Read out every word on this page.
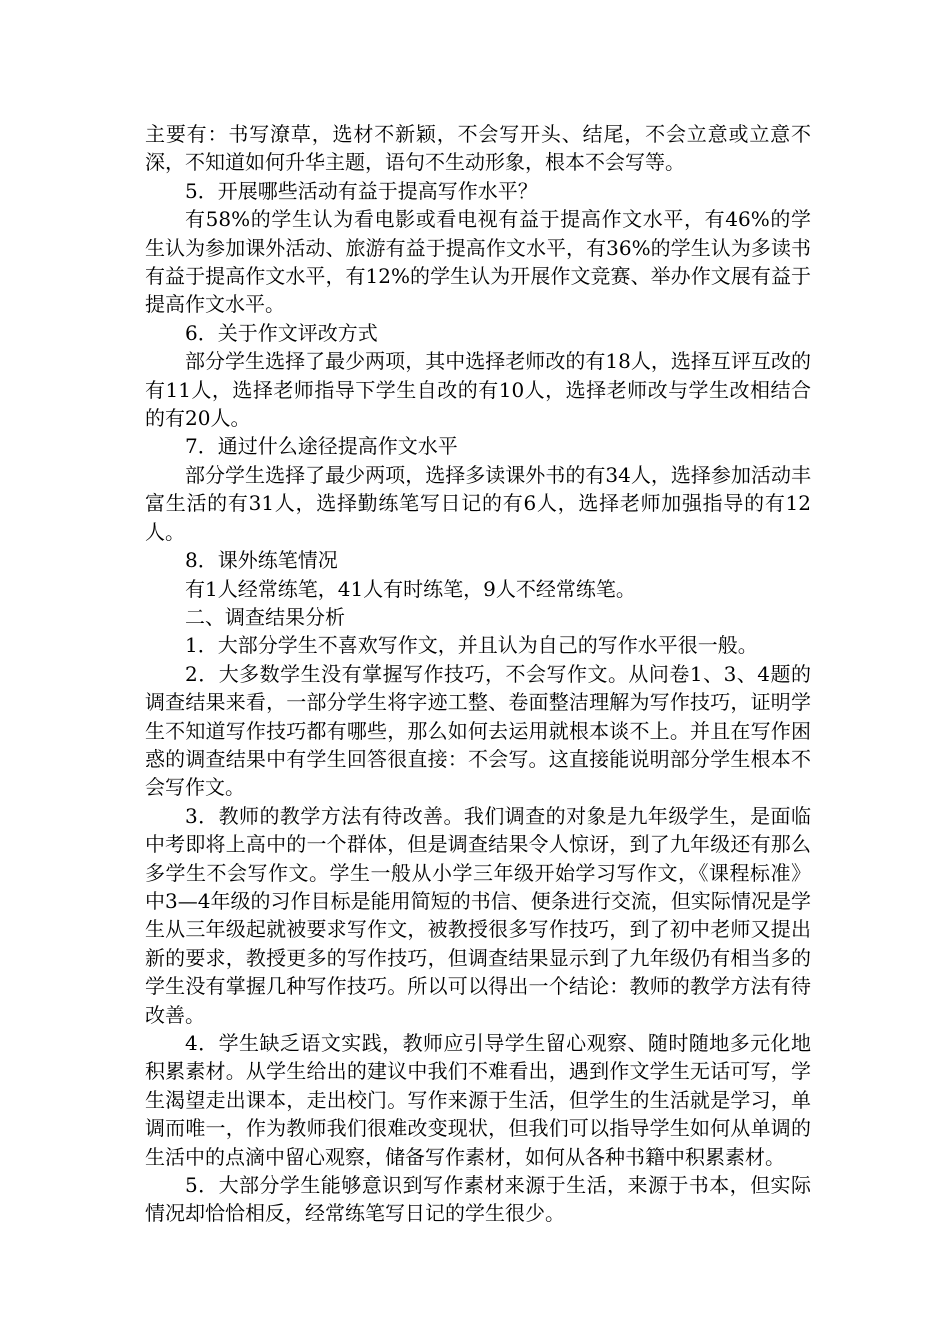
主要有：书写潦草，选材不新颖，不会写开头、结尾，不会立意或立意不深，不知道如何升华主题，语句不生动形象，根本不会写等。

5．开展哪些活动有益于提高写作水平？

有58%的学生认为看电影或看电视有益于提高作文水平，有46%的学生认为参加课外活动、旅游有益于提高作文水平，有36%的学生认为多读书有益于提高作文水平，有12%的学生认为开展作文竞赛、举办作文展有益于提高作文水平。

6．关于作文评改方式

部分学生选择了最少两项，其中选择老师改的有18人，选择互评互改的有11人，选择老师指导下学生自改的有10人，选择老师改与学生改相结合的有20人。

7．通过什么途径提高作文水平

部分学生选择了最少两项，选择多读课外书的有34人，选择参加活动丰富生活的有31人，选择勤练笔写日记的有6人，选择老师加强指导的有12人。

8．课外练笔情况

有1人经常练笔，41人有时练笔，9人不经常练笔。

二、调查结果分析

1．大部分学生不喜欢写作文，并且认为自己的写作水平很一般。

2．大多数学生没有掌握写作技巧，不会写作文。从问卷1、3、4题的调查结果来看，一部分学生将字迹工整、卷面整洁理解为写作技巧，证明学生不知道写作技巧都有哪些，那么如何去运用就根本谈不上。并且在写作困惑的调查结果中有学生回答很直接：不会写。这直接能说明部分学生根本不会写作文。

3．教师的教学方法有待改善。我们调查的对象是九年级学生，是面临中考即将上高中的一个群体，但是调查结果令人惊讶，到了九年级还有那么多学生不会写作文。学生一般从小学三年级开始学习写作文，《课程标准》中3—4年级的习作目标是能用简短的书信、便条进行交流，但实际情况是学生从三年级起就被要求写作文，被教授很多写作技巧，到了初中老师又提出新的要求，教授更多的写作技巧，但调查结果显示到了九年级仍有相当多的学生没有掌握几种写作技巧。所以可以得出一个结论：教师的教学方法有待改善。

4．学生缺乏语文实践，教师应引导学生留心观察、随时随地多元化地积累素材。从学生给出的建议中我们不难看出，遇到作文学生无话可写，学生渴望走出课本，走出校门。写作来源于生活，但学生的生活就是学习，单调而唯一，作为教师我们很难改变现状，但我们可以指导学生如何从单调的生活中的点滴中留心观察，储备写作素材，如何从各种书籍中积累素材。

5．大部分学生能够意识到写作素材来源于生活，来源于书本，但实际情况却恰恰相反，经常练笔写日记的学生很少。
